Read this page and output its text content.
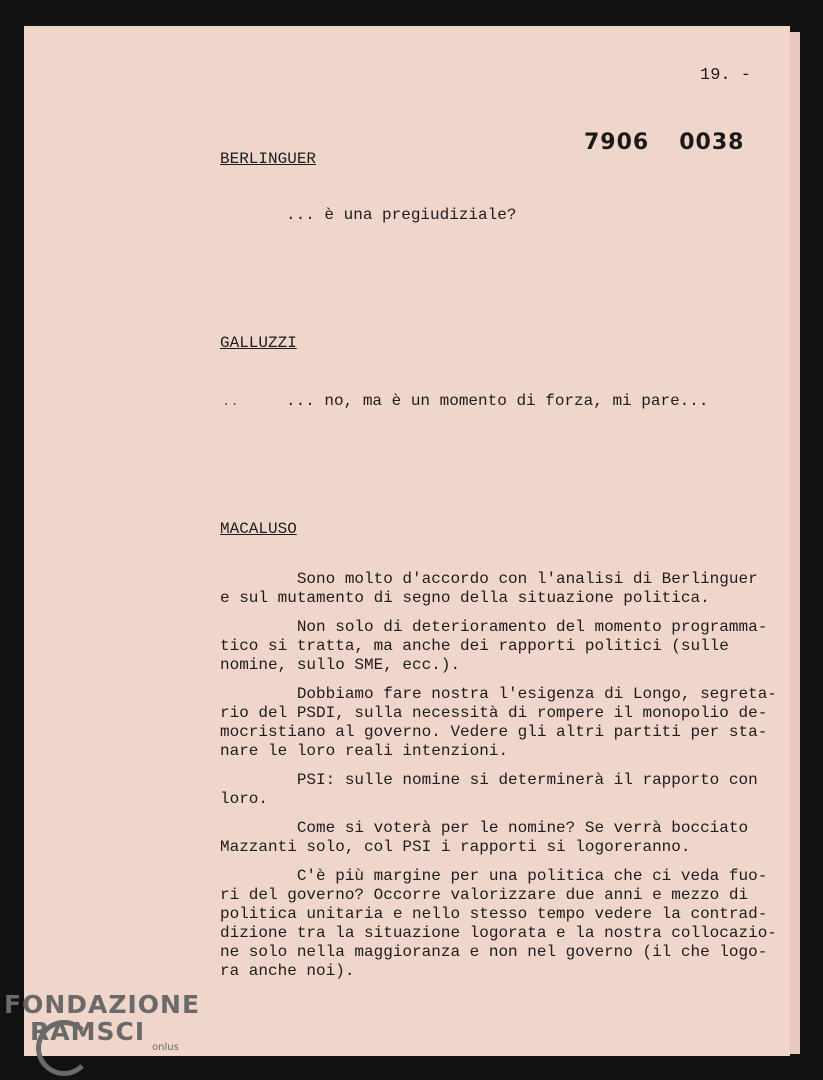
19. -
7906 0038
BERLINGUER
... è una pregiudiziale?
GALLUZZI
..	... no, ma è un momento di forza, mi pare...
MACALUSO

Sono molto d'accordo con l'analisi di Berlinguer
e sul mutamento di segno della situazione politica.

Non solo di deterioramento del momento programma-
tico si tratta, ma anche dei rapporti politici (sulle
nomine, sullo SME, ecc.).

Dobbiamo fare nostra l'esigenza di Longo, segreta-
rio del PSDI, sulla necessità di rompere il monopolio de-
mocristiano al governo. Vedere gli altri partiti per sta-
nare le loro reali intenzioni.

PSI: sulle nomine si determinerà il rapporto con
loro.

Come si voterà per le nomine? Se verrà bocciato
Mazzanti solo, col PSI i rapporti si logoreranno.

C'è più margine per una politica che ci veda fuo-
ri del governo? Occorre valorizzare due anni e mezzo di
politica unitaria e nello stesso tempo vedere la contrad-
dizione tra la situazione logorata e la nostra collocazio-
ne solo nella maggioranza e non nel governo (il che logo-
ra anche noi).

FONDAZIONE
RAMSCI
onlus
